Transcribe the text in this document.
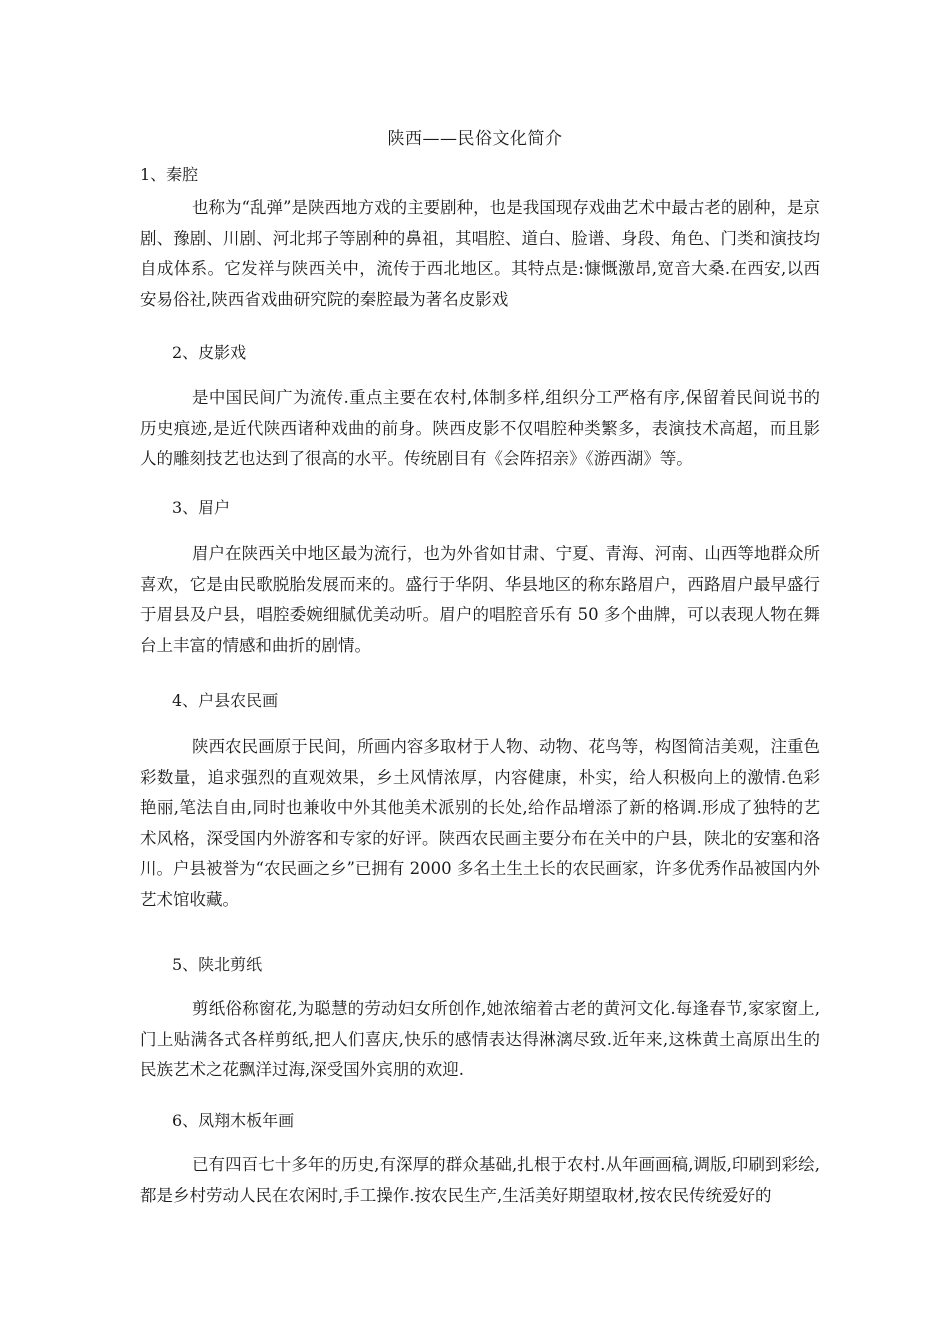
陕西——民俗文化简介
1、秦腔

也称为“乱弹”是陕西地方戏的主要剧种，也是我国现存戏曲艺术中最古老的剧种，是京剧、豫剧、川剧、河北邦子等剧种的鼻祖，其唱腔、道白、脸谱、身段、角色、门类和演技均自成体系。它发祥与陕西关中，流传于西北地区。其特点是:慷慨激昂,宽音大桑.在西安,以西安易俗社,陕西省戏曲研究院的秦腔最为著名皮影戏

2、皮影戏

是中国民间广为流传.重点主要在农村,体制多样,组织分工严格有序,保留着民间说书的历史痕迹,是近代陕西诸种戏曲的前身。陕西皮影不仅唱腔种类繁多，表演技术高超，而且影人的雕刻技艺也达到了很高的水平。传统剧目有《会阵招亲》《游西湖》等。

3、眉户

眉户在陕西关中地区最为流行，也为外省如甘肃、宁夏、青海、河南、山西等地群众所喜欢，它是由民歌脱胎发展而来的。盛行于华阴、华县地区的称东路眉户，西路眉户最早盛行于眉县及户县，唱腔委婉细腻优美动听。眉户的唱腔音乐有 50 多个曲牌，可以表现人物在舞台上丰富的情感和曲折的剧情。

4、户县农民画

陕西农民画原于民间，所画内容多取材于人物、动物、花鸟等，构图简洁美观，注重色彩数量，追求强烈的直观效果，乡土风情浓厚，内容健康，朴实，给人积极向上的激情.色彩艳丽,笔法自由,同时也兼收中外其他美术派别的长处,给作品增添了新的格调.形成了独特的艺术风格，深受国内外游客和专家的好评。陕西农民画主要分布在关中的户县，陕北的安塞和洛川。户县被誉为“农民画之乡”已拥有 2000 多名土生土长的农民画家，许多优秀作品被国内外艺术馆收藏。

5、陕北剪纸

剪纸俗称窗花,为聪慧的劳动妇女所创作,她浓缩着古老的黄河文化.每逢春节,家家窗上,门上贴满各式各样剪纸,把人们喜庆,快乐的感情表达得淋漓尽致.近年来,这株黄土高原出生的民族艺术之花飘洋过海,深受国外宾朋的欢迎.

6、凤翔木板年画

已有四百七十多年的历史,有深厚的群众基础,扎根于农村.从年画画稿,调版,印刷到彩绘,都是乡村劳动人民在农闲时,手工操作.按农民生产,生活美好期望取材,按农民传统爱好的
